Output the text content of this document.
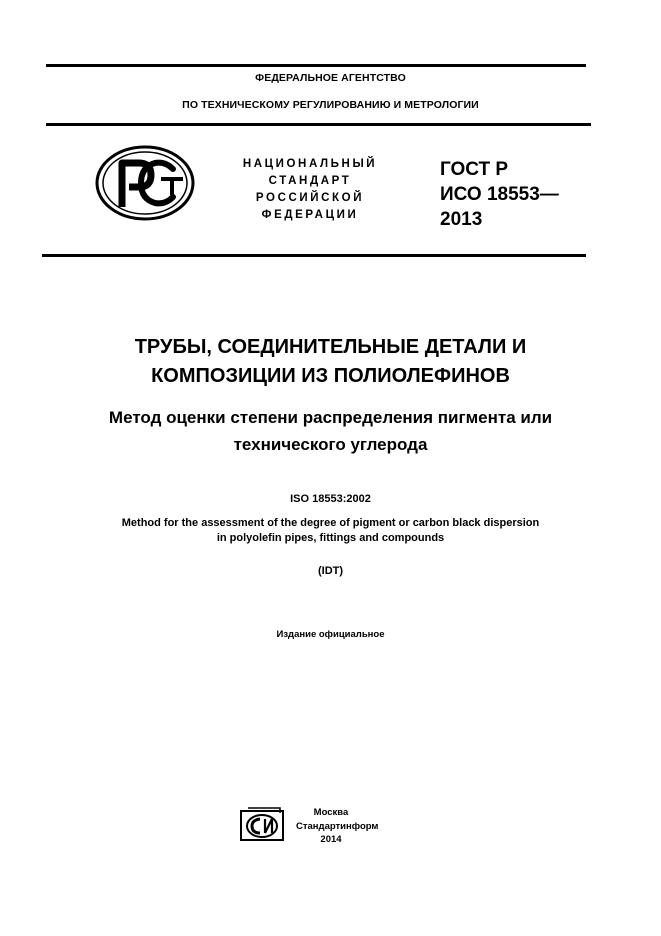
ФЕДЕРАЛЬНОЕ АГЕНТСТВО
ПО ТЕХНИЧЕСКОМУ РЕГУЛИРОВАНИЮ И МЕТРОЛОГИИ
НАЦИОНАЛЬНЫЙ
СТАНДАРТ
РОССИЙСКОЙ
ФЕДЕРАЦИИ
ГОСТ Р
ИСО 18553—
2013
ТРУБЫ, СОЕДИНИТЕЛЬНЫЕ ДЕТАЛИ И
КОМПОЗИЦИИ ИЗ ПОЛИОЛЕФИНОВ
Метод оценки степени распределения пигмента или
технического углерода
ISO 18553:2002
Method for the assessment of the degree of pigment or carbon black dispersion
in polyolefin pipes, fittings and compounds
(IDT)
Издание официальное
Москва
Стандартинформ
2014
